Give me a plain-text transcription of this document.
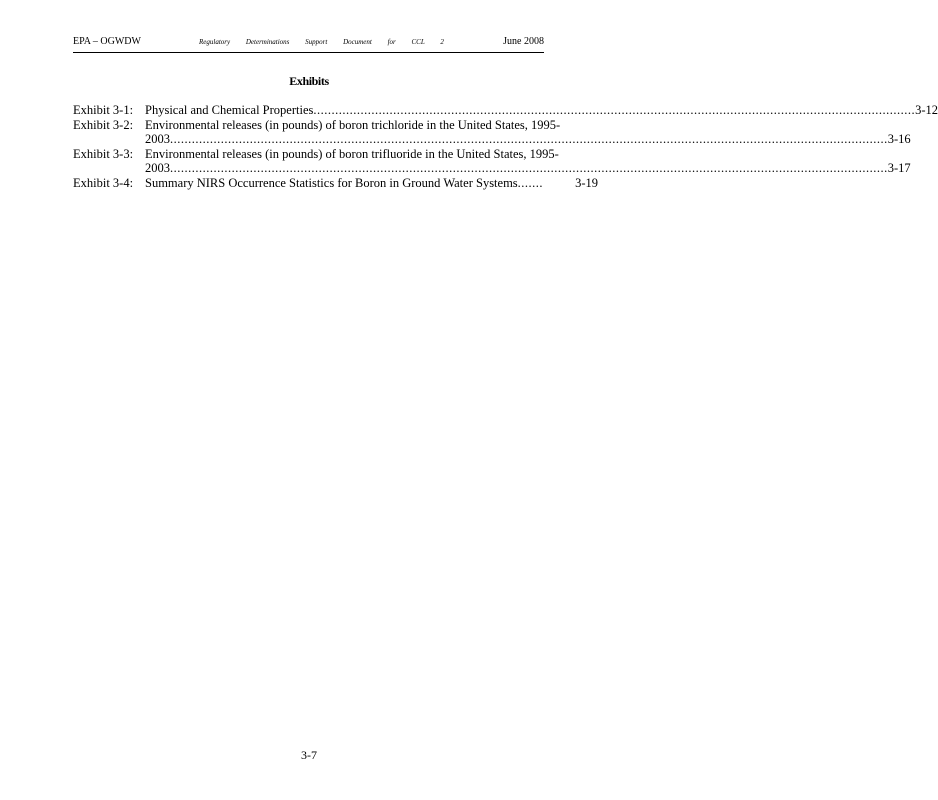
EPA – OGWDW	Regulatory Determinations Support Document for CCL 2	June 2008
Exhibits
Exhibit 3-1: Physical and Chemical Properties ...................................................................................................................................................................... 3-12
Exhibit 3-2: Environmental releases (in pounds) of boron trichloride in the United States, 1995-
2003 ...................................................................................................................................................................................................... 3-16
Exhibit 3-3: Environmental releases (in pounds) of boron trifluoride in the United States, 1995-
2003 ...................................................................................................................................................................................................... 3-17
Exhibit 3-4: Summary NIRS Occurrence Statistics for Boron in Ground Water Systems .......	3-19
3-7
